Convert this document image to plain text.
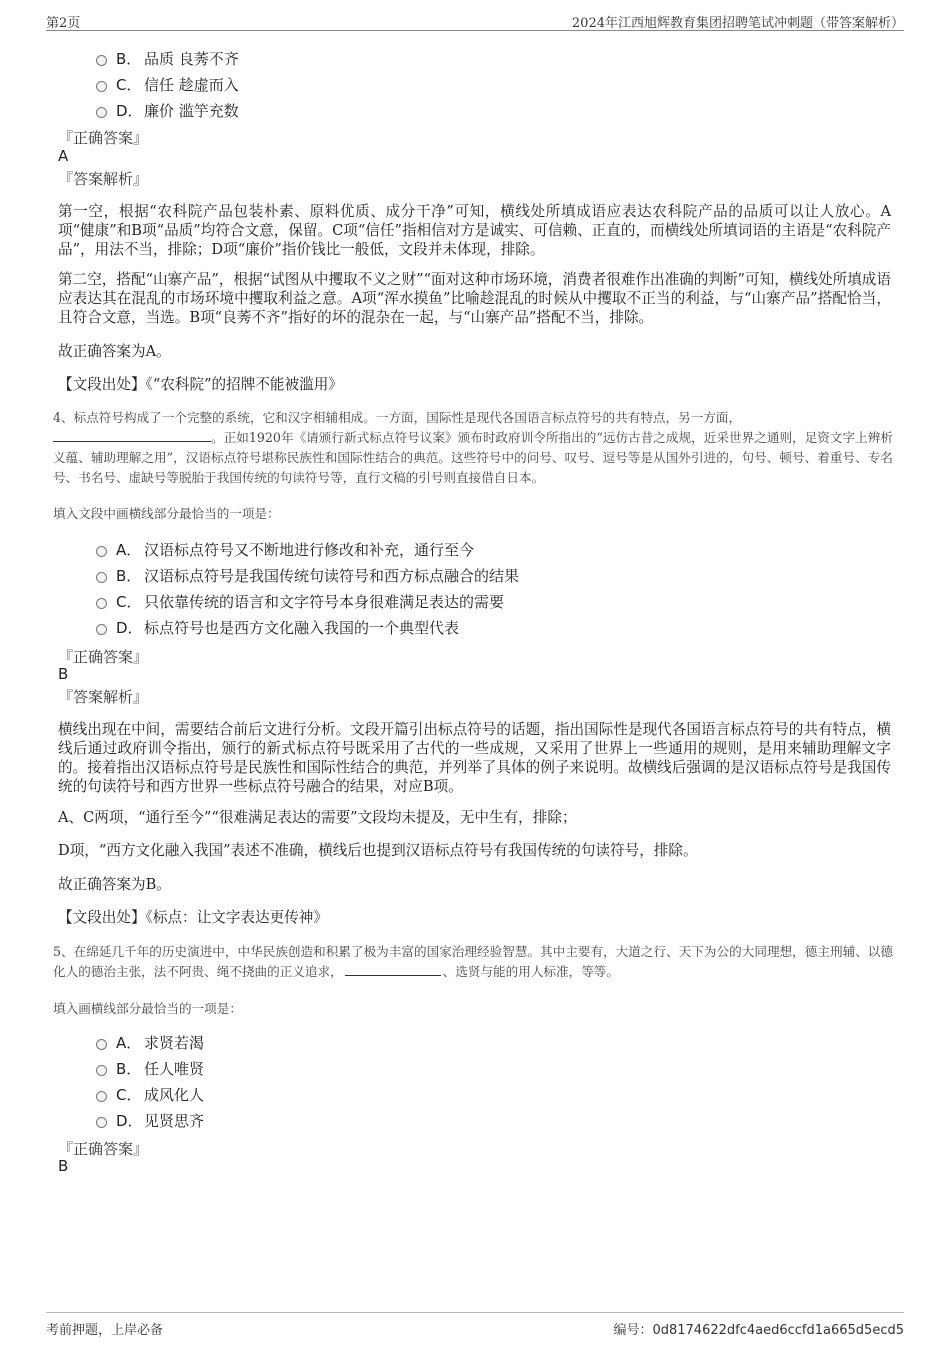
第2页	2024年江西旭辉教育集团招聘笔试冲刺题（带答案解析）
B． 品质 良莠不齐
C． 信任 趁虚而入
D． 廉价 滥竽充数
『正确答案』
A
『答案解析』
第一空，根据“农科院产品包装朴素、原料优质、成分干净”可知，横线处所填成语应表达农科院产品的品质可以让人放心。A项“健康”和B项“品质”均符合文意，保留。C项“信任”指相信对方是诚实、可信赖、正直的，而横线处所填词语的主语是“农科院产品”，用法不当，排除；D项“廉价”指价钱比一般低，文段并未体现，排除。
第二空，搭配“山寨产品”，根据“试图从中攫取不义之财”“面对这种市场环境，消费者很难作出准确的判断”可知，横线处所填成语应表达其在混乱的市场环境中攫取利益之意。A项“浑水摸鱼”比喻趁混乱的时候从中攫取不正当的利益，与“山寨产品”搭配恰当，且符合文意，当选。B项“良莠不齐”指好的坏的混杂在一起，与“山寨产品”搭配不当，排除。
故正确答案为A。
【文段出处】《“农科院”的招牌不能被滥用》
4、标点符号构成了一个完整的系统，它和汉字相辅相成。一方面，国际性是现代各国语言标点符号的共有特点，另一方面，
。正如1920年《请颁行新式标点符号议案》颁布时政府训令所指出的“远仿古昔之成规，近采世界之通则，足资文字上辨析义蕴、辅助理解之用”，汉语标点符号堪称民族性和国际性结合的典范。这些符号中的问号、叹号、逗号等是从国外引进的，句号、顿号、着重号、专名号、书名号、虚缺号等脱胎于我国传统的句读符号等，直行文稿的引号则直接借自日本。
填入文段中画横线部分最恰当的一项是：
A． 汉语标点符号又不断地进行修改和补充，通行至今
B． 汉语标点符号是我国传统句读符号和西方标点融合的结果
C． 只依靠传统的语言和文字符号本身很难满足表达的需要
D． 标点符号也是西方文化融入我国的一个典型代表
『正确答案』
B
『答案解析』
横线出现在中间，需要结合前后文进行分析。文段开篇引出标点符号的话题，指出国际性是现代各国语言标点符号的共有特点，横线后通过政府训令指出，颁行的新式标点符号既采用了古代的一些成规，又采用了世界上一些通用的规则，是用来辅助理解文字的。接着指出汉语标点符号是民族性和国际性结合的典范，并列举了具体的例子来说明。故横线后强调的是汉语标点符号是我国传统的句读符号和西方世界一些标点符号融合的结果，对应B项。
A、C两项，“通行至今”“很难满足表达的需要”文段均未提及，无中生有，排除；
D项，“西方文化融入我国”表述不准确，横线后也提到汉语标点符号有我国传统的句读符号，排除。
故正确答案为B。
【文段出处】《标点：让文字表达更传神》
5、在绵延几千年的历史演进中，中华民族创造和积累了极为丰富的国家治理经验智慧。其中主要有，大道之行、天下为公的大同理想，德主刑辅、以德化人的德治主张，法不阿贵、绳不挠曲的正义追求，	、选贤与能的用人标准，等等。
填入画横线部分最恰当的一项是：
A． 求贤若渴
B． 任人唯贤
C． 成风化人
D． 见贤思齐
『正确答案』
B
考前押题，上岸必备	编号：0d8174622dfc4aed6ccfd1a665d5ecd5
